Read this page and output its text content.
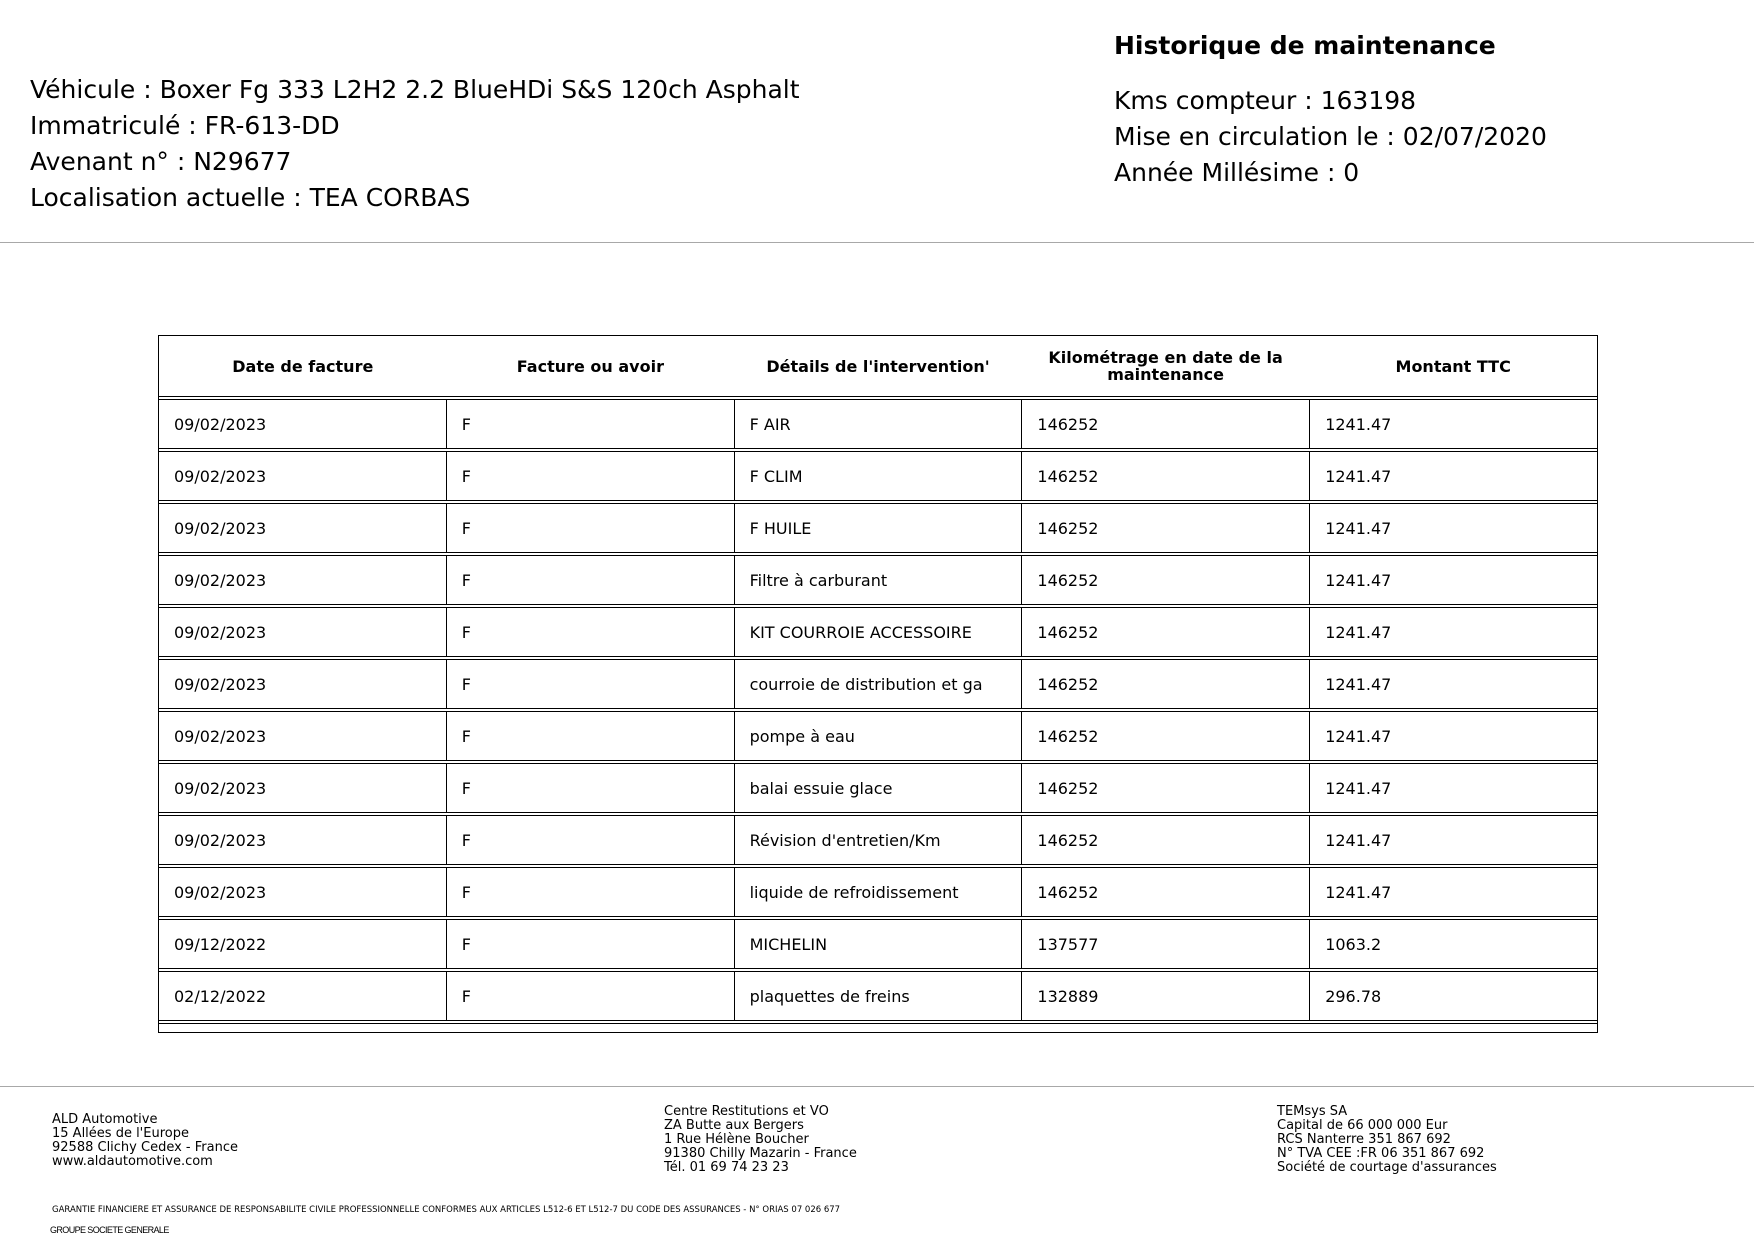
Véhicule : Boxer Fg 333 L2H2 2.2 BlueHDi S&S 120ch Asphalt
Immatriculé : FR-613-DD
Avenant n° : N29677
Localisation actuelle : TEA CORBAS
Historique de maintenance
Kms compteur : 163198
Mise en circulation le : 02/07/2020
Année Millésime : 0
Date de facture	Facture ou avoir	Détails de l'intervention'	Kilométrage en date de la maintenance	Montant TTC
09/02/2023	F	F AIR	146252	1241.47
09/02/2023	F	F CLIM	146252	1241.47
09/02/2023	F	F HUILE	146252	1241.47
09/02/2023	F	Filtre à carburant	146252	1241.47
09/02/2023	F	KIT COURROIE ACCESSOIRE	146252	1241.47
09/02/2023	F	courroie de distribution et ga	146252	1241.47
09/02/2023	F	pompe à eau	146252	1241.47
09/02/2023	F	balai essuie glace	146252	1241.47
09/02/2023	F	Révision d'entretien/Km	146252	1241.47
09/02/2023	F	liquide de refroidissement	146252	1241.47
09/12/2022	F	MICHELIN	137577	1063.2
02/12/2022	F	plaquettes de freins	132889	296.78
ALD Automotive
15 Allées de l'Europe
92588 Clichy Cedex - France
www.aldautomotive.com
Centre Restitutions et VO
ZA Butte aux Bergers
1 Rue Hélène Boucher
91380 Chilly Mazarin - France
Tél. 01 69 74 23 23
TEMsys SA
Capital de 66 000 000 Eur
RCS Nanterre 351 867 692
N° TVA CEE :FR 06 351 867 692
Société de courtage d'assurances
GARANTIE FINANCIERE ET ASSURANCE DE RESPONSABILITE CIVILE PROFESSIONNELLE CONFORMES AUX ARTICLES L512-6 ET L512-7 DU CODE DES ASSURANCES - N° ORIAS 07 026 677
GROUPE SOCIETE GENERALE
